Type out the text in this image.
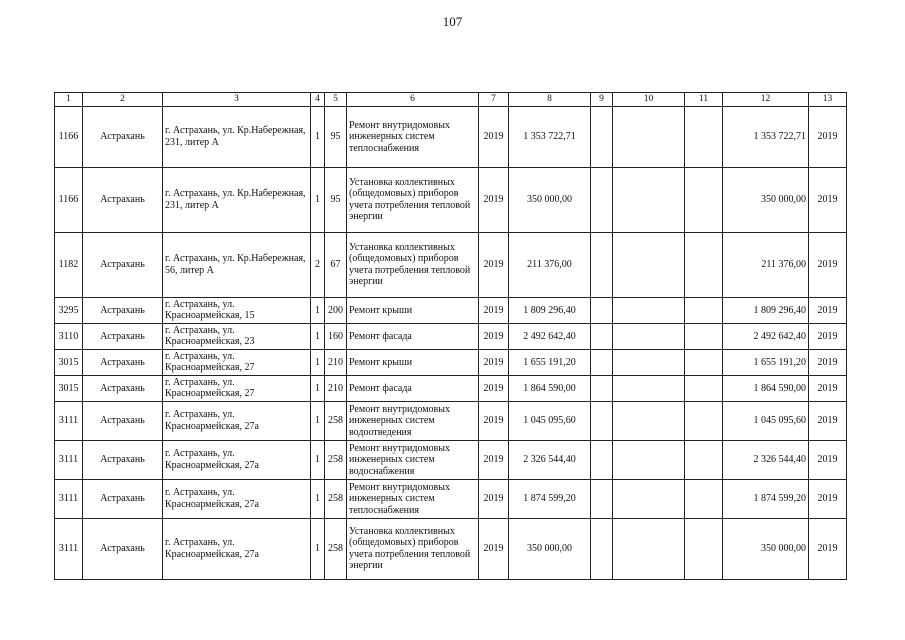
107
1	2	3	4	5	6	7	8	9	10	11	12	13
1166	Астрахань	г. Астрахань, ул. Кр.Набережная, 231, литер А	1	95	Ремонт внутридомовых инженерных систем теплоснабжения	2019	1 353 722,71				1 353 722,71	2019
1166	Астрахань	г. Астрахань, ул. Кр.Набережная, 231, литер А	1	95	Установка коллективных (общедомовых) приборов учета потребления тепловой энергии	2019	350 000,00				350 000,00	2019
1182	Астрахань	г. Астрахань, ул. Кр.Набережная, 56, литер А	2	67	Установка коллективных (общедомовых) приборов учета потребления тепловой энергии	2019	211 376,00				211 376,00	2019
3295	Астрахань	г. Астрахань, ул. Красноармейская, 15	1	200	Ремонт крыши	2019	1 809 296,40				1 809 296,40	2019
3110	Астрахань	г. Астрахань, ул. Красноармейская, 23	1	160	Ремонт фасада	2019	2 492 642,40				2 492 642,40	2019
3015	Астрахань	г. Астрахань, ул. Красноармейская, 27	1	210	Ремонт крыши	2019	1 655 191,20				1 655 191,20	2019
3015	Астрахань	г. Астрахань, ул. Красноармейская, 27	1	210	Ремонт фасада	2019	1 864 590,00				1 864 590,00	2019
3111	Астрахань	г. Астрахань, ул. Красноармейская, 27а	1	258	Ремонт внутридомовых инженерных систем водоотведения	2019	1 045 095,60				1 045 095,60	2019
3111	Астрахань	г. Астрахань, ул. Красноармейская, 27а	1	258	Ремонт внутридомовых инженерных систем водоснабжения	2019	2 326 544,40				2 326 544,40	2019
3111	Астрахань	г. Астрахань, ул. Красноармейская, 27а	1	258	Ремонт внутридомовых инженерных систем теплоснабжения	2019	1 874 599,20				1 874 599,20	2019
3111	Астрахань	г. Астрахань, ул. Красноармейская, 27а	1	258	Установка коллективных (общедомовых) приборов учета потребления тепловой энергии	2019	350 000,00				350 000,00	2019
